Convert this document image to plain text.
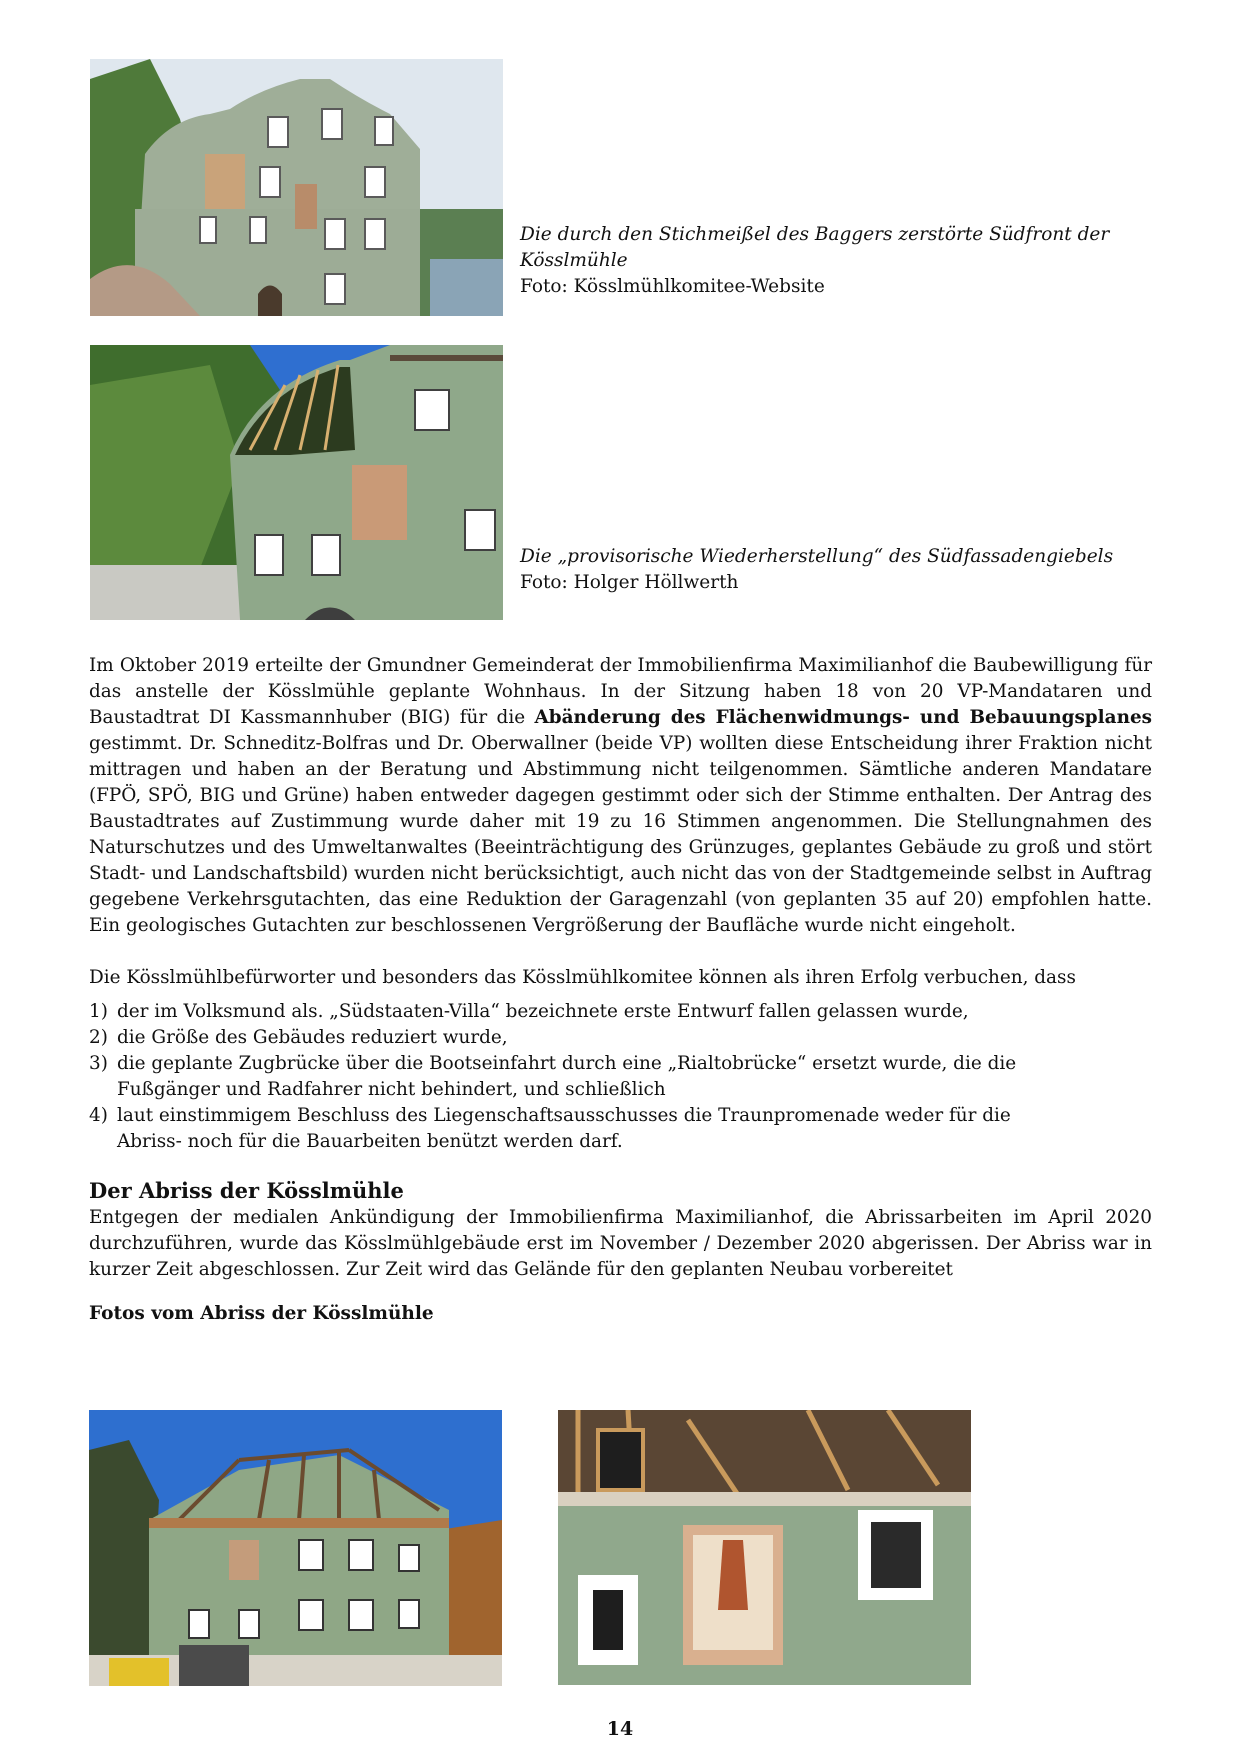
Die durch den Stichmeißel des Baggers zerstörte Südfront der Kösslmühle
Foto: Kösslmühlkomitee-Website
Die „provisorische Wiederherstellung“ des Südfassadengiebels
Foto: Holger Höllwerth

Im Oktober 2019 erteilte der Gmundner Gemeinderat der Immobilienfirma Maximilianhof die Baubewilligung für das anstelle der Kösslmühle geplante Wohnhaus. In der Sitzung haben 18 von 20 VP-Mandataren und Baustadtrat DI Kassmannhuber (BIG) für die Abänderung des Flächenwidmungs- und Bebauungsplanes gestimmt. Dr. Schneditz-Bolfras und Dr. Oberwallner (beide VP) wollten diese Entscheidung ihrer Fraktion nicht mittragen und haben an der Beratung und Abstimmung nicht teilgenommen. Sämtliche anderen Mandatare (FPÖ, SPÖ, BIG und Grüne) haben entweder dagegen gestimmt oder sich der Stimme enthalten. Der Antrag des Baustadtrates auf Zustimmung wurde daher mit 19 zu 16 Stimmen angenommen. Die Stellungnahmen des Naturschutzes und des Umweltanwaltes (Beeinträchtigung des Grünzuges, geplantes Gebäude zu groß und stört Stadt- und Landschaftsbild) wurden nicht berücksichtigt, auch nicht das von der Stadtgemeinde selbst in Auftrag gegebene Verkehrsgutachten, das eine Reduktion der Garagenzahl (von geplanten 35 auf 20) empfohlen hatte. Ein geologisches Gutachten zur beschlossenen Vergrößerung der Baufläche wurde nicht eingeholt.

Die Kösslmühlbefürworter und besonders das Kösslmühlkomitee können als ihren Erfolg verbuchen, dass

1) der im Volksmund als. „Südstaaten-Villa“ bezeichnete erste Entwurf fallen gelassen wurde,
2) die Größe des Gebäudes reduziert wurde,
3) die geplante Zugbrücke über die Bootseinfahrt durch eine „Rialtobrücke“ ersetzt wurde, die die Fußgänger und Radfahrer nicht behindert, und schließlich
4) laut einstimmigem Beschluss des Liegenschaftsausschusses die Traunpromenade weder für die Abriss- noch für die Bauarbeiten benützt werden darf.
Der Abriss der Kösslmühle

Entgegen der medialen Ankündigung der Immobilienfirma Maximilianhof, die Abrissarbeiten im April 2020 durchzuführen, wurde das Kösslmühlgebäude erst im November / Dezember 2020 abgerissen. Der Abriss war in kurzer Zeit abgeschlossen. Zur Zeit wird das Gelände für den geplanten Neubau vorbereitet

Fotos vom Abriss der Kösslmühle
14
